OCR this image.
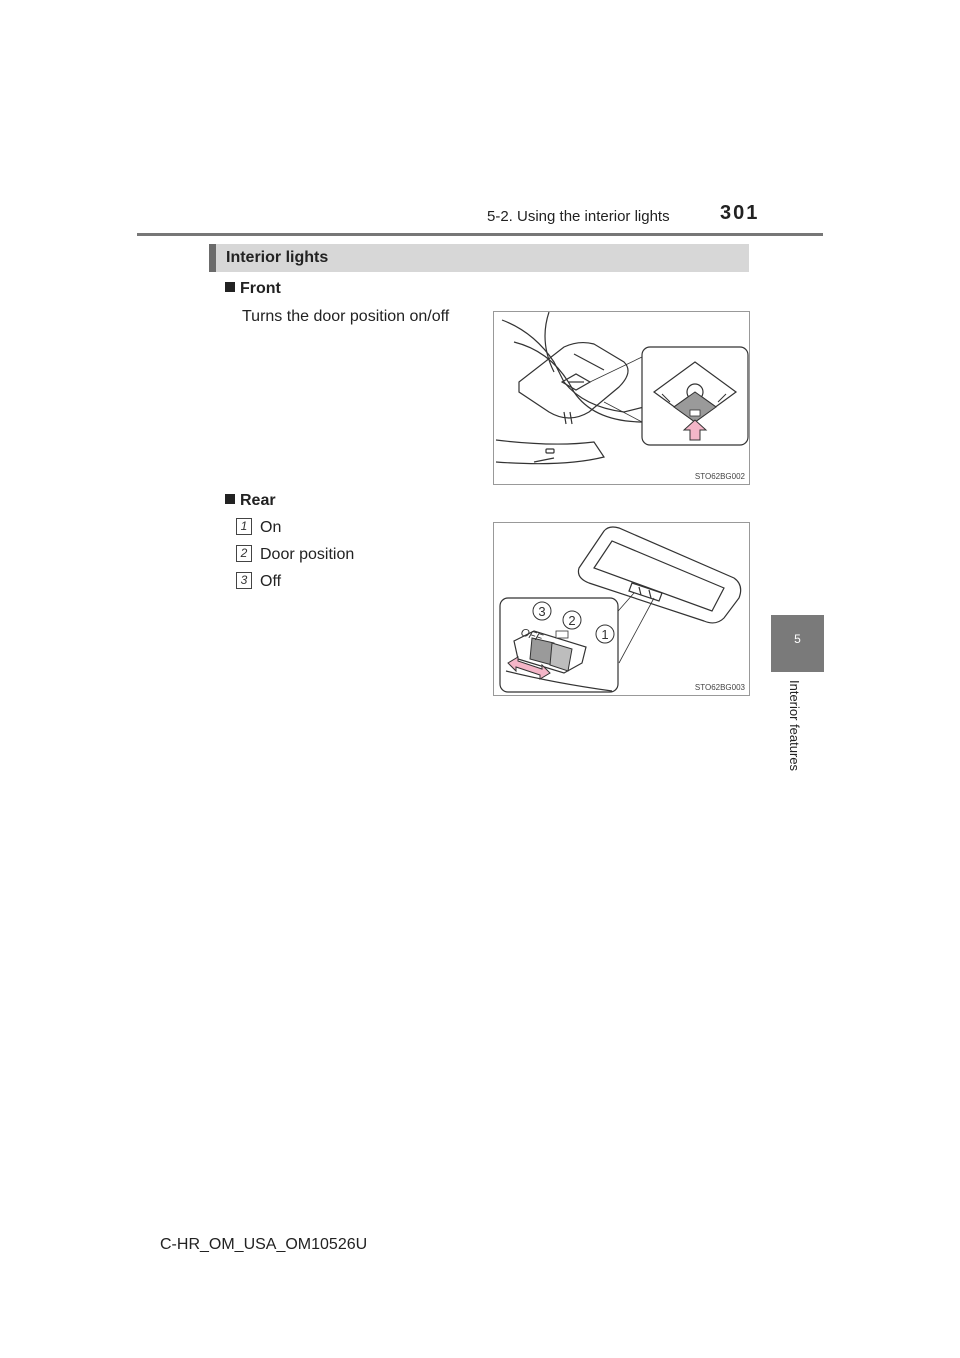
5-2. Using the interior lights	301
5
Interior features
Interior lights
Front
Turns the door position on/off
STO62BG002
Rear
1 On
2 Door position
3 Off
3
2
1
OFF
STO62BG003
C-HR_OM_USA_OM10526U
